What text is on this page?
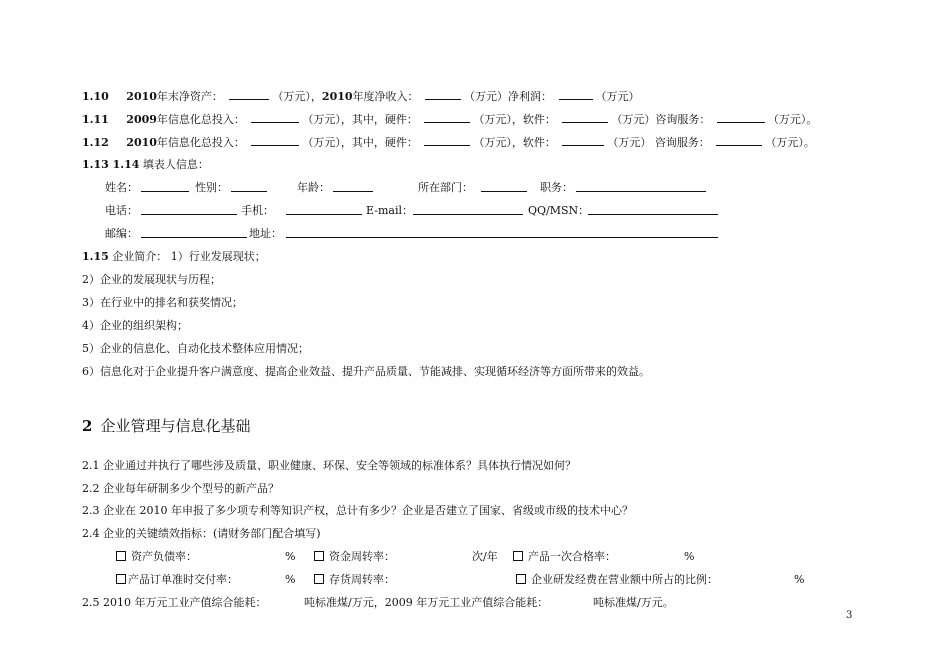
1.10 2010年末净资产：	（万元），2010年度净收入：	（万元）净利润：	（万元）
1.11 2009年信息化总投入：	（万元），其中，硬件：	（万元），软件：	（万元）咨询服务：	（万元）。
1.12 2010年信息化总投入：	（万元），其中，硬件：	（万元），软件：	（万元） 咨询服务：	（万元）。
1.13 1.14 填表人信息：
姓名：	性别：	年龄：	所在部门：	职务：
电话：	手机：	E-mail：	QQ/MSN：
邮编：	地址：
1.15 企业简介： 1）行业发展现状；
2）企业的发展现状与历程；
3）在行业中的排名和获奖情况；
4）企业的组织架构；
5）企业的信息化、自动化技术整体应用情况；
6）信息化对于企业提升客户满意度、提高企业效益、提升产品质量、节能减排、实现循环经济等方面所带来的效益。
2 企业管理与信息化基础
2.1 企业通过并执行了哪些涉及质量、职业健康、环保、安全等领域的标准体系？具体执行情况如何？
2.2 企业每年研制多少个型号的新产品？
2.3 企业在 2010 年申报了多少项专利等知识产权，总计有多少？企业是否建立了国家、省级或市级的技术中心？
2.4 企业的关键绩效指标：(请财务部门配合填写)
资产负债率：	%	资金周转率：	次/年	产品一次合格率：	%
产品订单准时交付率：	%	存货周转率：	企业研发经费在营业额中所占的比例：	%
2.5 2010 年万元工业产值综合能耗：	吨标准煤/万元，2009 年万元工业产值综合能耗：	吨标准煤/万元。
3
